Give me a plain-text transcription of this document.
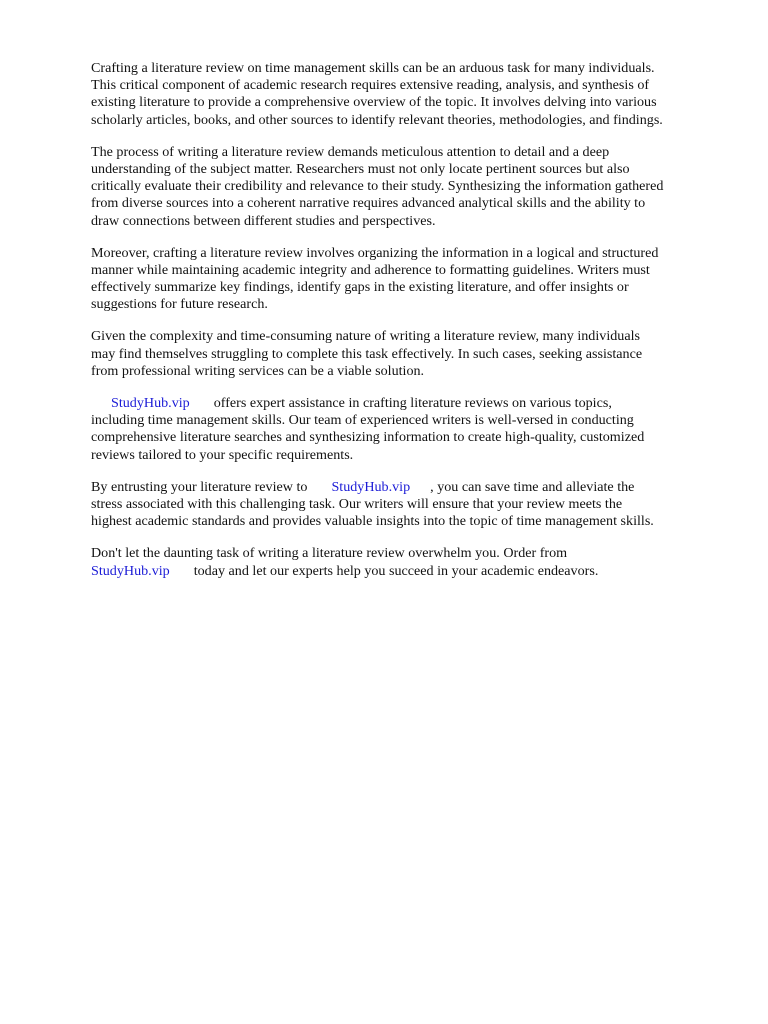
Crafting a literature review on time management skills can be an arduous task for many individuals.
This critical component of academic research requires extensive reading, analysis, and synthesis of
existing literature to provide a comprehensive overview of the topic. It involves delving into various
scholarly articles, books, and other sources to identify relevant theories, methodologies, and findings.

The process of writing a literature review demands meticulous attention to detail and a deep
understanding of the subject matter. Researchers must not only locate pertinent sources but also
critically evaluate their credibility and relevance to their study. Synthesizing the information gathered
from diverse sources into a coherent narrative requires advanced analytical skills and the ability to
draw connections between different studies and perspectives.

Moreover, crafting a literature review involves organizing the information in a logical and structured
manner while maintaining academic integrity and adherence to formatting guidelines. Writers must
effectively summarize key findings, identify gaps in the existing literature, and offer insights or
suggestions for future research.

Given the complexity and time-consuming nature of writing a literature review, many individuals
may find themselves struggling to complete this task effectively. In such cases, seeking assistance
from professional writing services can be a viable solution.

StudyHub.vip offers expert assistance in crafting literature reviews on various topics,
including time management skills. Our team of experienced writers is well-versed in conducting
comprehensive literature searches and synthesizing information to create high-quality, customized
reviews tailored to your specific requirements.

By entrusting your literature review to StudyHub.vip , you can save time and alleviate the
stress associated with this challenging task. Our writers will ensure that your review meets the
highest academic standards and provides valuable insights into the topic of time management skills.

Don't let the daunting task of writing a literature review overwhelm you. Order from
StudyHub.vip today and let our experts help you succeed in your academic endeavors.
